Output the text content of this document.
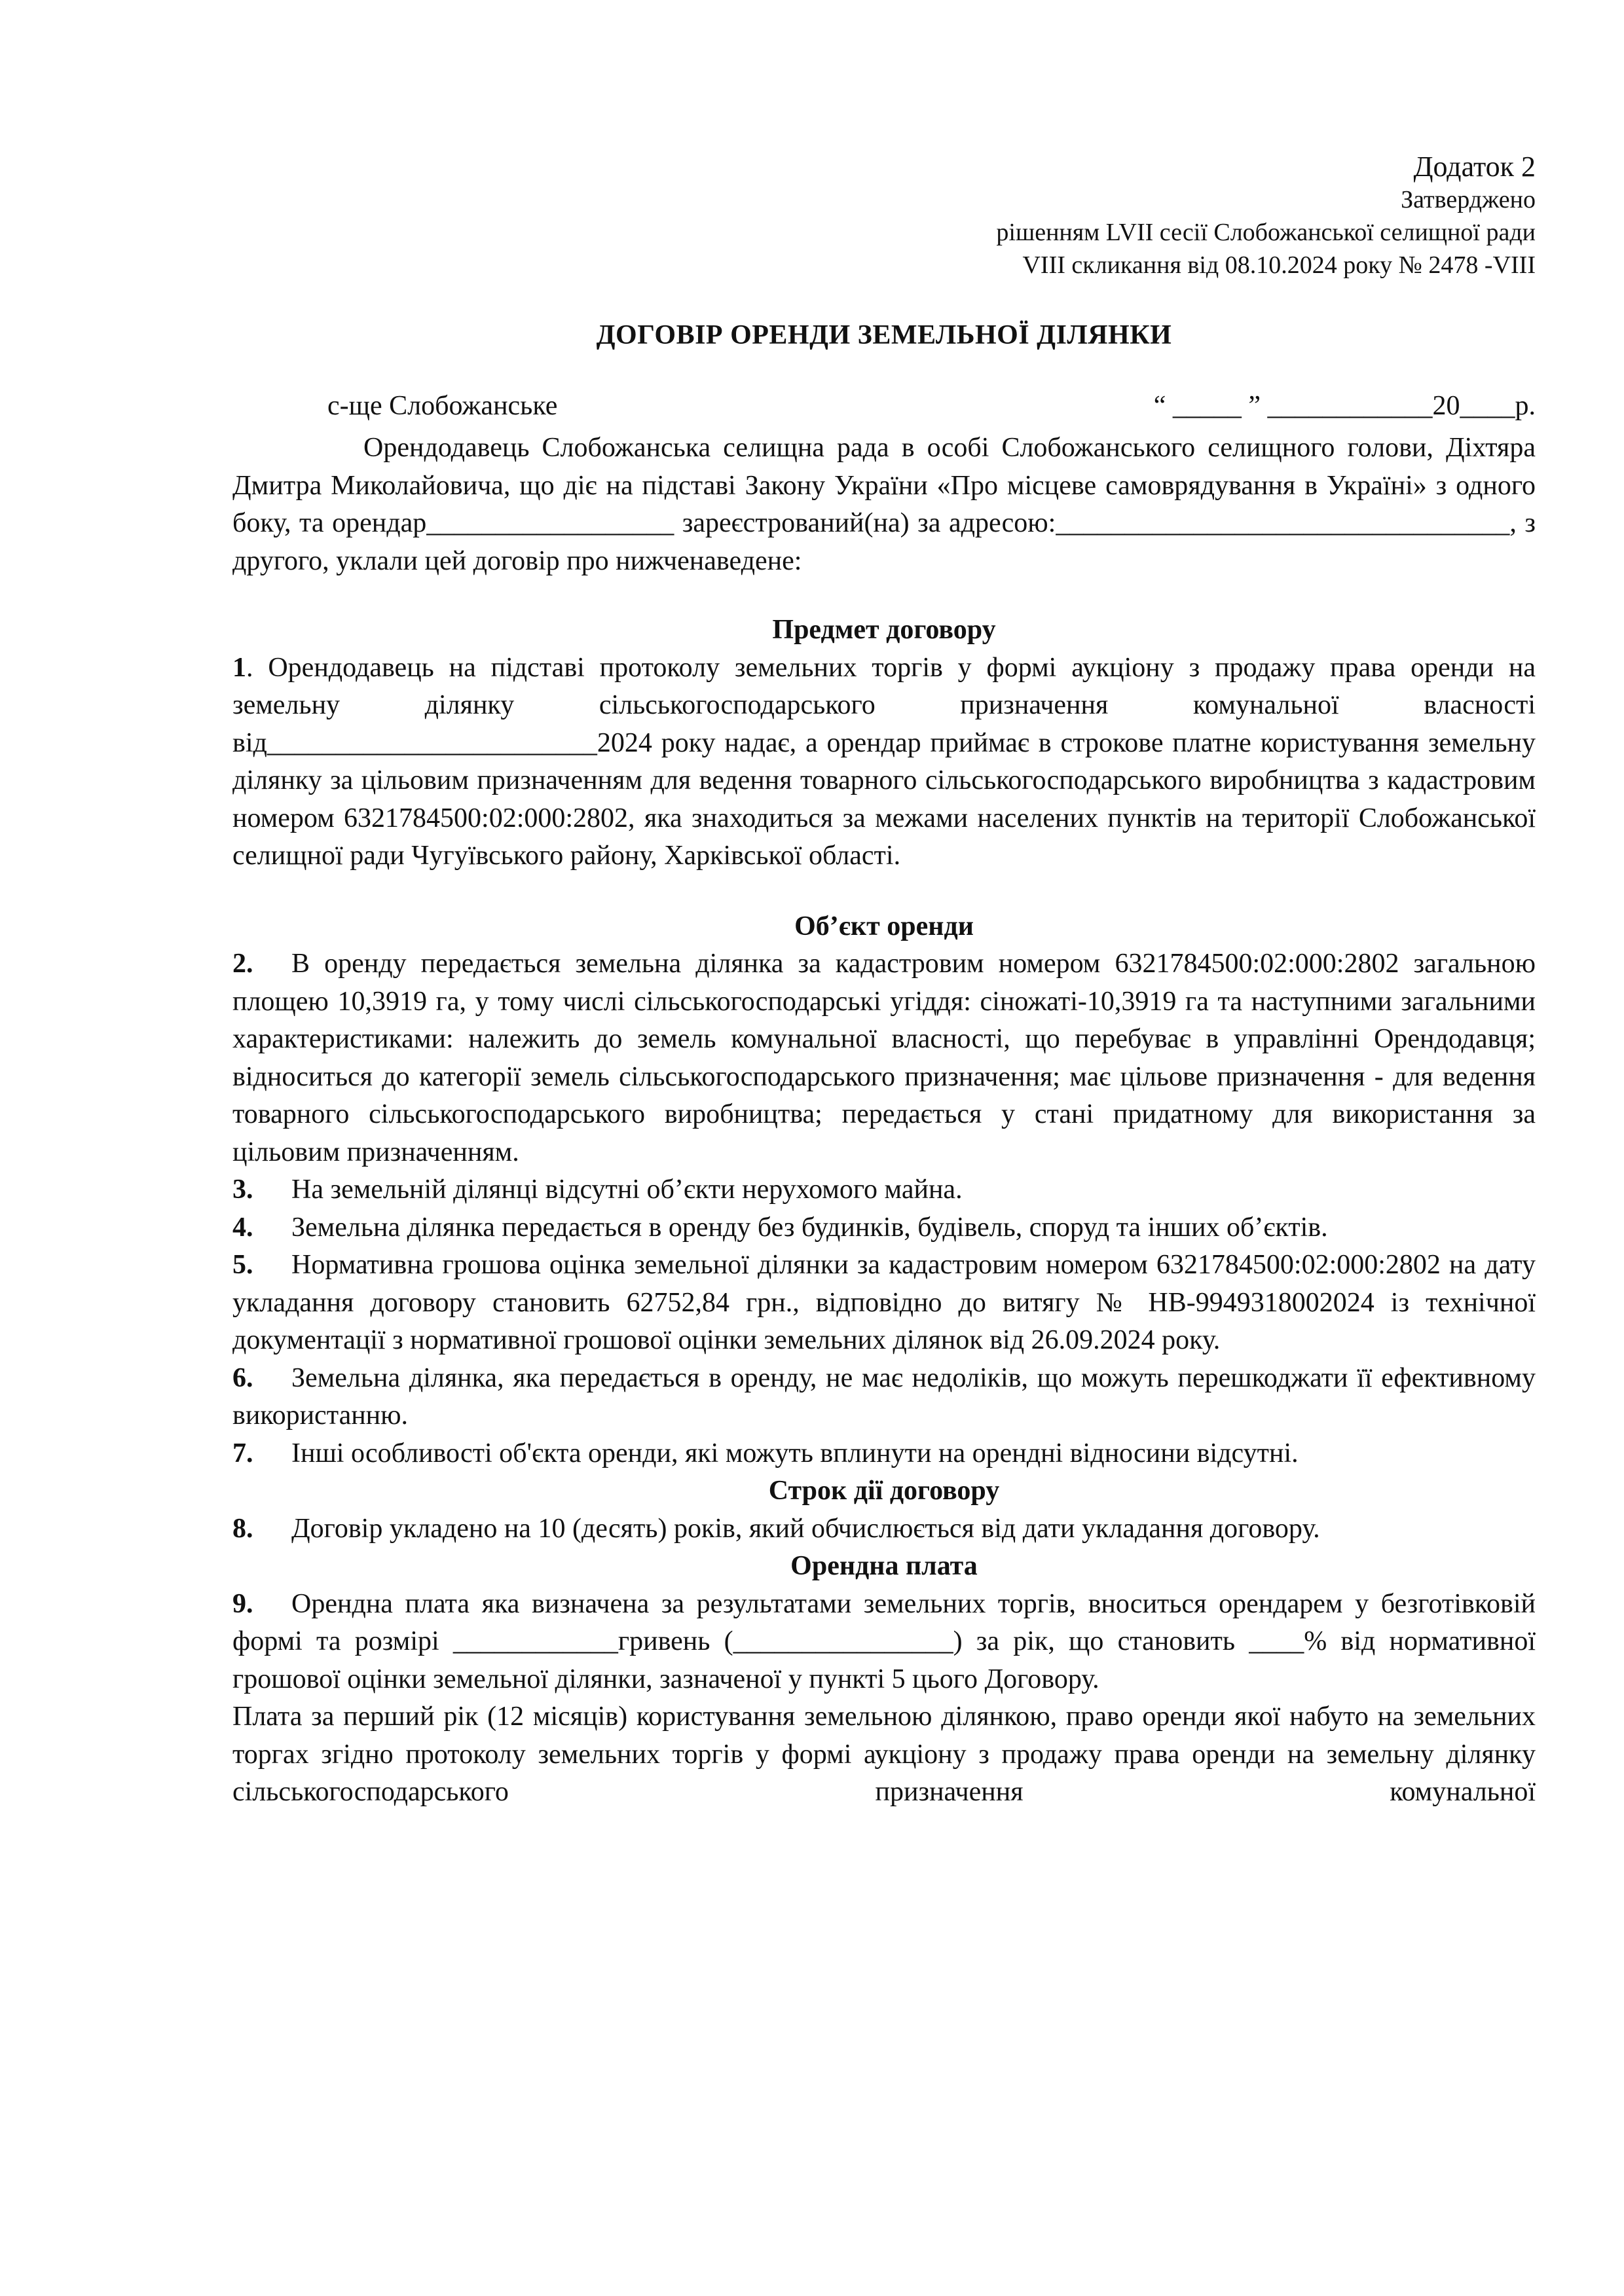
Додаток 2
Затверджено
рішенням LVII сесії Слобожанської селищної ради
VIII скликання від 08.10.2024 року № 2478 -VIII
ДОГОВІР ОРЕНДИ ЗЕМЕЛЬНОЇ ДІЛЯНКИ
с-ще Слобожанське	“ _____ ” ____________20____р.

Орендодавець Слобожанська селищна рада в особі Слобожанського селищного голови, Діхтяра Дмитра Миколайовича, що діє на підставі Закону України «Про місцеве самоврядування в Україні» з одного боку, та орендар__________________ зареєстрований(на) за адресою:_________________________________, з другого, уклали цей договір про нижченаведене:

Предмет договору

1. Орендодавець на підставі протоколу земельних торгів у формі аукціону з продажу права оренди на земельну ділянку сільськогосподарського призначення комунальної власності від________________________2024 року надає, а орендар приймає в строкове платне користування земельну ділянку за цільовим призначенням для ведення товарного сільськогосподарського виробництва з кадастровим номером 6321784500:02:000:2802, яка знаходиться за межами населених пунктів на території Слобожанської селищної ради Чугуївського району, Харківської області.

Об’єкт оренди

2. В оренду передається земельна ділянка за кадастровим номером 6321784500:02:000:2802 загальною площею 10,3919 га, у тому числі сільськогосподарські угіддя: сіножаті-10,3919 га та наступними загальними характеристиками: належить до земель комунальної власності, що перебуває в управлінні Орендодавця; відноситься до категорії земель сільськогосподарського призначення; має цільове призначення - для ведення товарного сільськогосподарського виробництва; передається у стані придатному для використання за цільовим призначенням.

3. На земельній ділянці відсутні об’єкти нерухомого майна.

4. Земельна ділянка передається в оренду без будинків, будівель, споруд та інших об’єктів.

5. Нормативна грошова оцінка земельної ділянки за кадастровим номером 6321784500:02:000:2802 на дату укладання договору становить 62752,84 грн., відповідно до витягу № НВ-9949318002024 із технічної документації з нормативної грошової оцінки земельних ділянок від 26.09.2024 року.

6. Земельна ділянка, яка передається в оренду, не має недоліків, що можуть перешкоджати її ефективному використанню.

7. Інші особливості об'єкта оренди, які можуть вплинути на орендні відносини відсутні.

Строк дії договору

8. Договір укладено на 10 (десять) років, який обчислюється від дати укладання договору.

Орендна плата

9. Орендна плата яка визначена за результатами земельних торгів, вноситься орендарем у безготівковій формі та розмірі ____________гривень (________________) за рік, що становить ____% від нормативної грошової оцінки земельної ділянки, зазначеної у пункті 5 цього Договору.

Плата за перший рік (12 місяців) користування земельною ділянкою, право оренди якої набуто на земельних торгах згідно протоколу земельних торгів у формі аукціону з продажу права оренди на земельну ділянку сільськогосподарського призначення комунальної
